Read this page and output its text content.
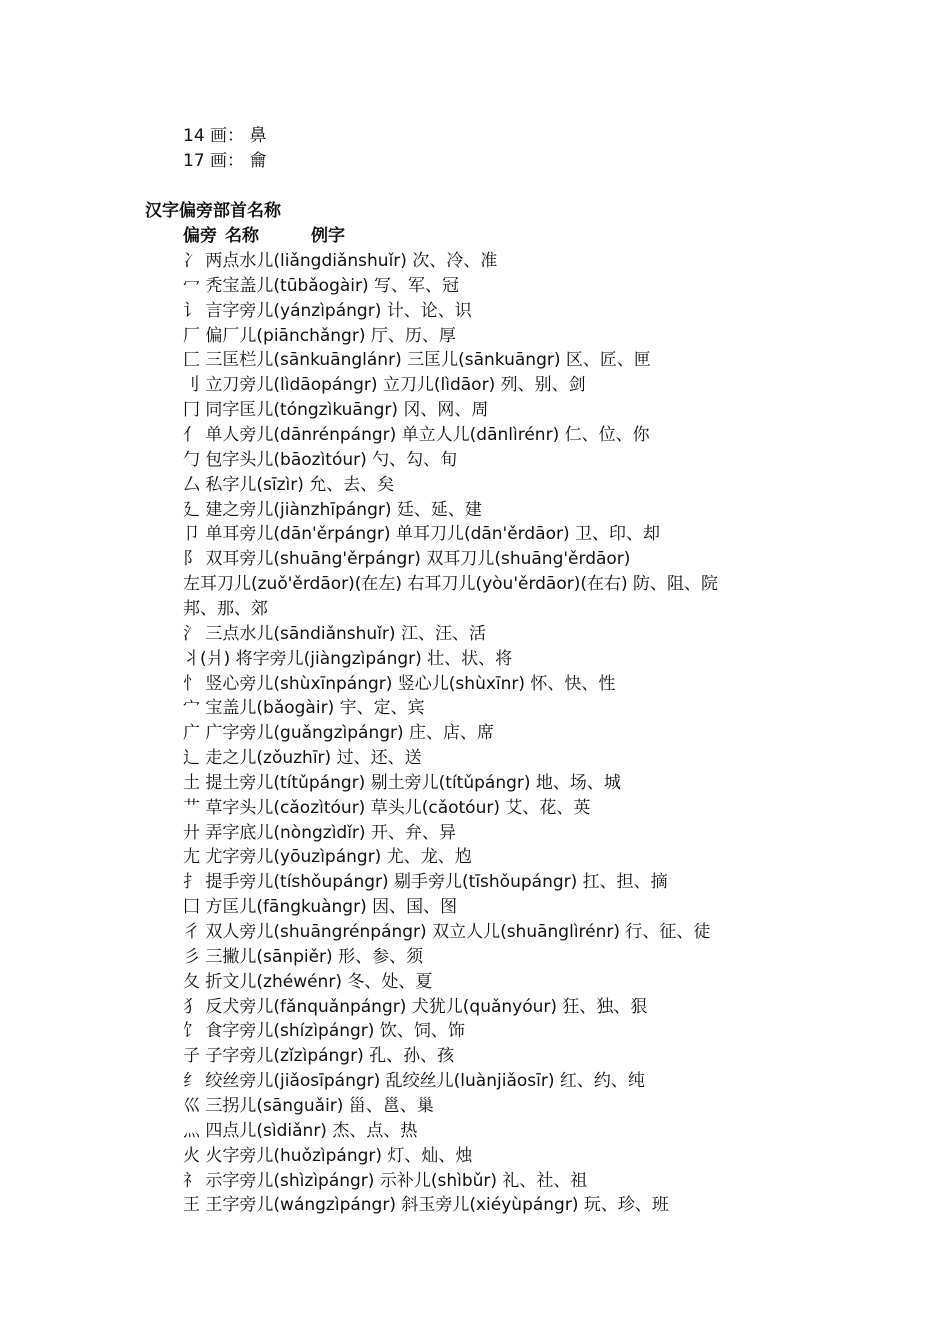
14 画： 鼻
17 画： 龠
汉字偏旁部首名称
偏旁 名称	例字
冫 两点水儿(liǎngdiǎnshuǐr) 次、冷、准
冖 秃宝盖儿(tūbǎogàir) 写、军、冠
讠 言字旁儿(yánzìpángr) 计、论、识
厂 偏厂儿(piānchǎngr) 厅、历、厚
匚 三匡栏儿(sānkuānglánr) 三匡儿(sānkuāngr) 区、匠、匣
刂 立刀旁儿(lìdāopángr) 立刀儿(lìdāor) 列、别、剑
冂 同字匡儿(tóngzìkuāngr) 冈、网、周
亻 单人旁儿(dānrénpángr) 单立人儿(dānlìrénr) 仁、位、你
勹 包字头儿(bāozìtóur) 勺、勾、旬
厶 私字儿(sīzìr) 允、去、矣
廴 建之旁儿(jiànzhīpángr) 廷、延、建
卩 单耳旁儿(dān'ěrpángr) 单耳刀儿(dān'ěrdāor) 卫、印、却
阝 双耳旁儿(shuāng'ěrpángr) 双耳刀儿(shuāng'ěrdāor)
左耳刀儿(zuǒ'ěrdāor)(在左) 右耳刀儿(yòu'ěrdāor)(在右) 防、阻、院
邦、那、郊
氵 三点水儿(sāndiǎnshuǐr) 江、汪、活
丬(爿) 将字旁儿(jiàngzìpángr) 壮、状、将
忄 竖心旁儿(shùxīnpángr) 竖心儿(shùxīnr) 怀、快、性
宀 宝盖儿(bǎogàir) 宇、定、宾
广 广字旁儿(guǎngzìpángr) 庄、店、席
辶 走之儿(zǒuzhīr) 过、还、送
土 提土旁儿(títǔpángr) 剔土旁儿(títǔpángr) 地、场、城
艹 草字头儿(cǎozìtóur) 草头儿(cǎotóur) 艾、花、英
廾 弄字底儿(nòngzìdǐr) 开、弁、异
尢 尤字旁儿(yōuzìpángr) 尤、龙、尥
扌 提手旁儿(tíshǒupángr) 剔手旁儿(tīshǒupángr) 扛、担、摘
囗 方匡儿(fāngkuàngr) 因、国、图
彳 双人旁儿(shuāngrénpángr) 双立人儿(shuānglìrénr) 行、征、徒
彡 三撇儿(sānpiěr) 形、参、须
夂 折文儿(zhéwénr) 冬、处、夏
犭 反犬旁儿(fǎnquǎnpángr) 犬犹儿(quǎnyóur) 狂、独、狠
饣 食字旁儿(shízìpángr) 饮、饲、饰
子 子字旁儿(zǐzìpángr) 孔、孙、孩
纟 绞丝旁儿(jiǎosīpángr) 乱绞丝儿(luànjiǎosīr) 红、约、纯
巛 三拐儿(sānguǎir) 甾、邕、巢
灬 四点儿(sìdiǎnr) 杰、点、热
火 火字旁儿(huǒzìpángr) 灯、灿、烛
礻 示字旁儿(shìzìpángr) 示补儿(shìbǔr) 礼、社、祖
王 王字旁儿(wángzìpángr) 斜玉旁儿(xiéyùpángr) 玩、珍、班
